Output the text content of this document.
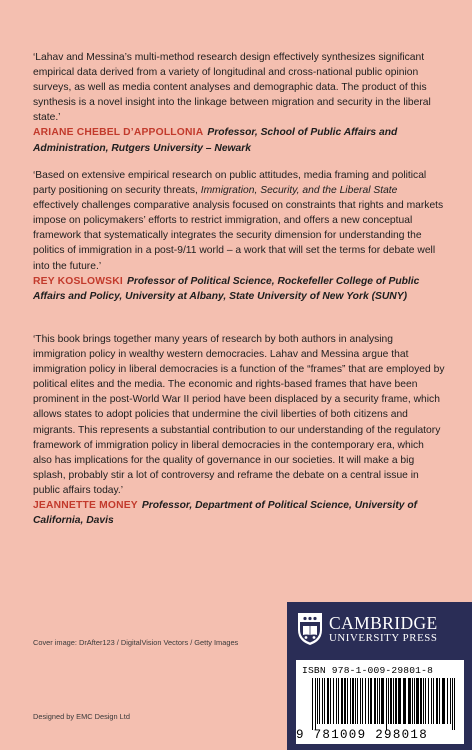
‘Lahav and Messina’s multi-method research design effectively synthesizes significant empirical data derived from a variety of longitudinal and cross-national public opinion surveys, as well as media content analyses and demographic data. The product of this synthesis is a novel insight into the linkage between migration and security in the liberal state.’

ARIANE CHEBEL D’APPOLLONIA Professor, School of Public Affairs and Administration, Rutgers University – Newark

‘Based on extensive empirical research on public attitudes, media framing and political party positioning on security threats, Immigration, Security, and the Liberal State effectively challenges comparative analysis focused on constraints that rights and markets impose on policymakers’ efforts to restrict immigration, and offers a new conceptual framework that systematically integrates the security dimension for understanding the politics of immigration in a post-9/11 world – a work that will set the terms for debate well into the future.’

REY KOSLOWSKI Professor of Political Science, Rockefeller College of Public Affairs and Policy, University at Albany, State University of New York (SUNY)

‘This book brings together many years of research by both authors in analysing immigration policy in wealthy western democracies. Lahav and Messina argue that immigration policy in liberal democracies is a function of the “frames” that are employed by political elites and the media. The economic and rights-based frames that have been prominent in the post-World War II period have been displaced by a security frame, which allows states to adopt policies that undermine the civil liberties of both citizens and migrants. This represents a substantial contribution to our understanding of the regulatory framework of immigration policy in liberal democracies in the contemporary era, which also has implications for the quality of governance in our societies. It will make a big splash, probably stir a lot of controversy and reframe the debate on a central issue in public affairs today.’

JEANNETTE MONEY Professor, Department of Political Science, University of California, Davis

Cover image: DrAfter123 / DigitalVision Vectors / Getty Images
Designed by EMC Design Ltd
CAMBRIDGE
UNIVERSITY PRESS
ISBN 978-1-009-29801-8
9 781009 298018
